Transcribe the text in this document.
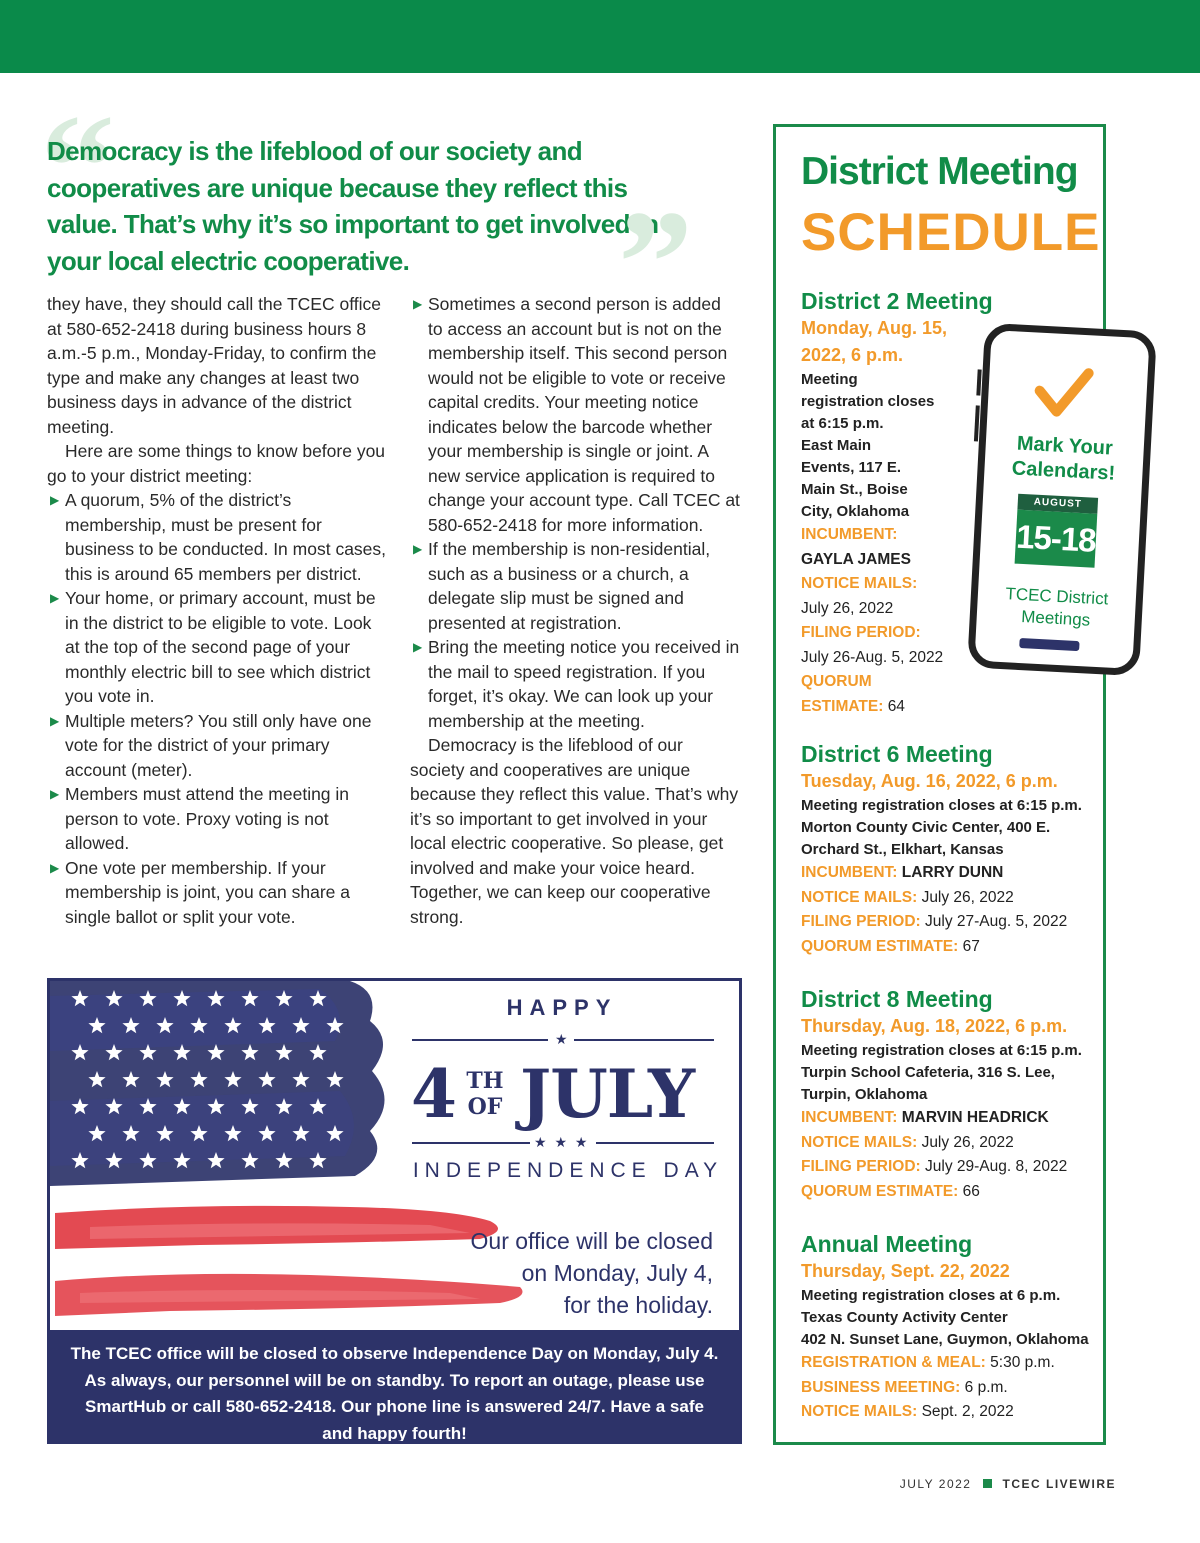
“
Democracy is the lifeblood of our society and cooperatives are unique because they reflect this value. That’s why it’s so important to get involved in your local electric cooperative.	”

they have, they should call the TCEC office at 580-652-2418 during business hours 8 a.m.-5 p.m., Monday-Friday, to confirm the type and make any changes at least two business days in advance of the district meeting.

Here are some things to know before you go to your district meeting:

▶ A quorum, 5% of the district’s membership, must be present for business to be conducted. In most cases, this is around 65 members per district.
▶ Your home, or primary account, must be in the district to be eligible to vote. Look at the top of the second page of your monthly electric bill to see which district you vote in.
▶ Multiple meters? You still only have one vote for the district of your primary account (meter).
▶ Members must attend the meeting in person to vote. Proxy voting is not allowed.
▶ One vote per membership. If your membership is joint, you can share a single ballot or split your vote.
▶ Sometimes a second person is added to access an account but is not on the membership itself. This second person would not be eligible to vote or receive capital credits. Your meeting notice indicates below the barcode whether your membership is single or joint. A new service application is required to change your account type. Call TCEC at 580-652-2418 for more information.
▶ If the membership is non-residential, such as a business or a church, a delegate slip must be signed and presented at registration.
▶ Bring the meeting notice you received in the mail to speed registration. If you forget, it’s okay. We can look up your membership at the meeting.

Democracy is the lifeblood of our society and cooperatives are unique because they reflect this value. That’s why it’s so important to get involved in your local electric cooperative. So please, get involved and make your voice heard. Together, we can keep our cooperative strong.

HAPPY
★
4 TH
OF JULY
★ ★ ★
INDEPENDENCE DAY
Our office will be closed
on Monday, July 4,
for the holiday.
The TCEC office will be closed to observe Independence Day on Monday, July 4. As always, our personnel will be on standby. To report an outage, please use SmartHub or call 580-652-2418. Our phone line is answered 24/7. Have a safe and happy fourth!
District Meeting
SCHEDULE
District 2 Meeting
Monday, Aug. 15,
2022, 6 p.m.
Meeting
registration closes
at 6:15 p.m.
East Main
Events, 117 E.
Main St., Boise
City, Oklahoma
INCUMBENT:
GAYLA JAMES
NOTICE MAILS:
July 26, 2022
FILING PERIOD:
July 26-Aug. 5, 2022
QUORUM
ESTIMATE: 64
District 6 Meeting
Tuesday, Aug. 16, 2022, 6 p.m.
Meeting registration closes at 6:15 p.m.
Morton County Civic Center, 400 E.
Orchard St., Elkhart, Kansas
INCUMBENT: LARRY DUNN
NOTICE MAILS: July 26, 2022
FILING PERIOD: July 27-Aug. 5, 2022
QUORUM ESTIMATE: 67
District 8 Meeting
Thursday, Aug. 18, 2022, 6 p.m.
Meeting registration closes at 6:15 p.m.
Turpin School Cafeteria, 316 S. Lee,
Turpin, Oklahoma
INCUMBENT: MARVIN HEADRICK
NOTICE MAILS: July 26, 2022
FILING PERIOD: July 29-Aug. 8, 2022
QUORUM ESTIMATE: 66
Annual Meeting
Thursday, Sept. 22, 2022
Meeting registration closes at 6 p.m.
Texas County Activity Center
402 N. Sunset Lane, Guymon, Oklahoma
REGISTRATION & MEAL: 5:30 p.m.
BUSINESS MEETING: 6 p.m.
NOTICE MAILS: Sept. 2, 2022
Mark Your
Calendars!
AUGUST
15-18
TCEC District
Meetings
JULY 2022	TCEC LIVEWIRE
